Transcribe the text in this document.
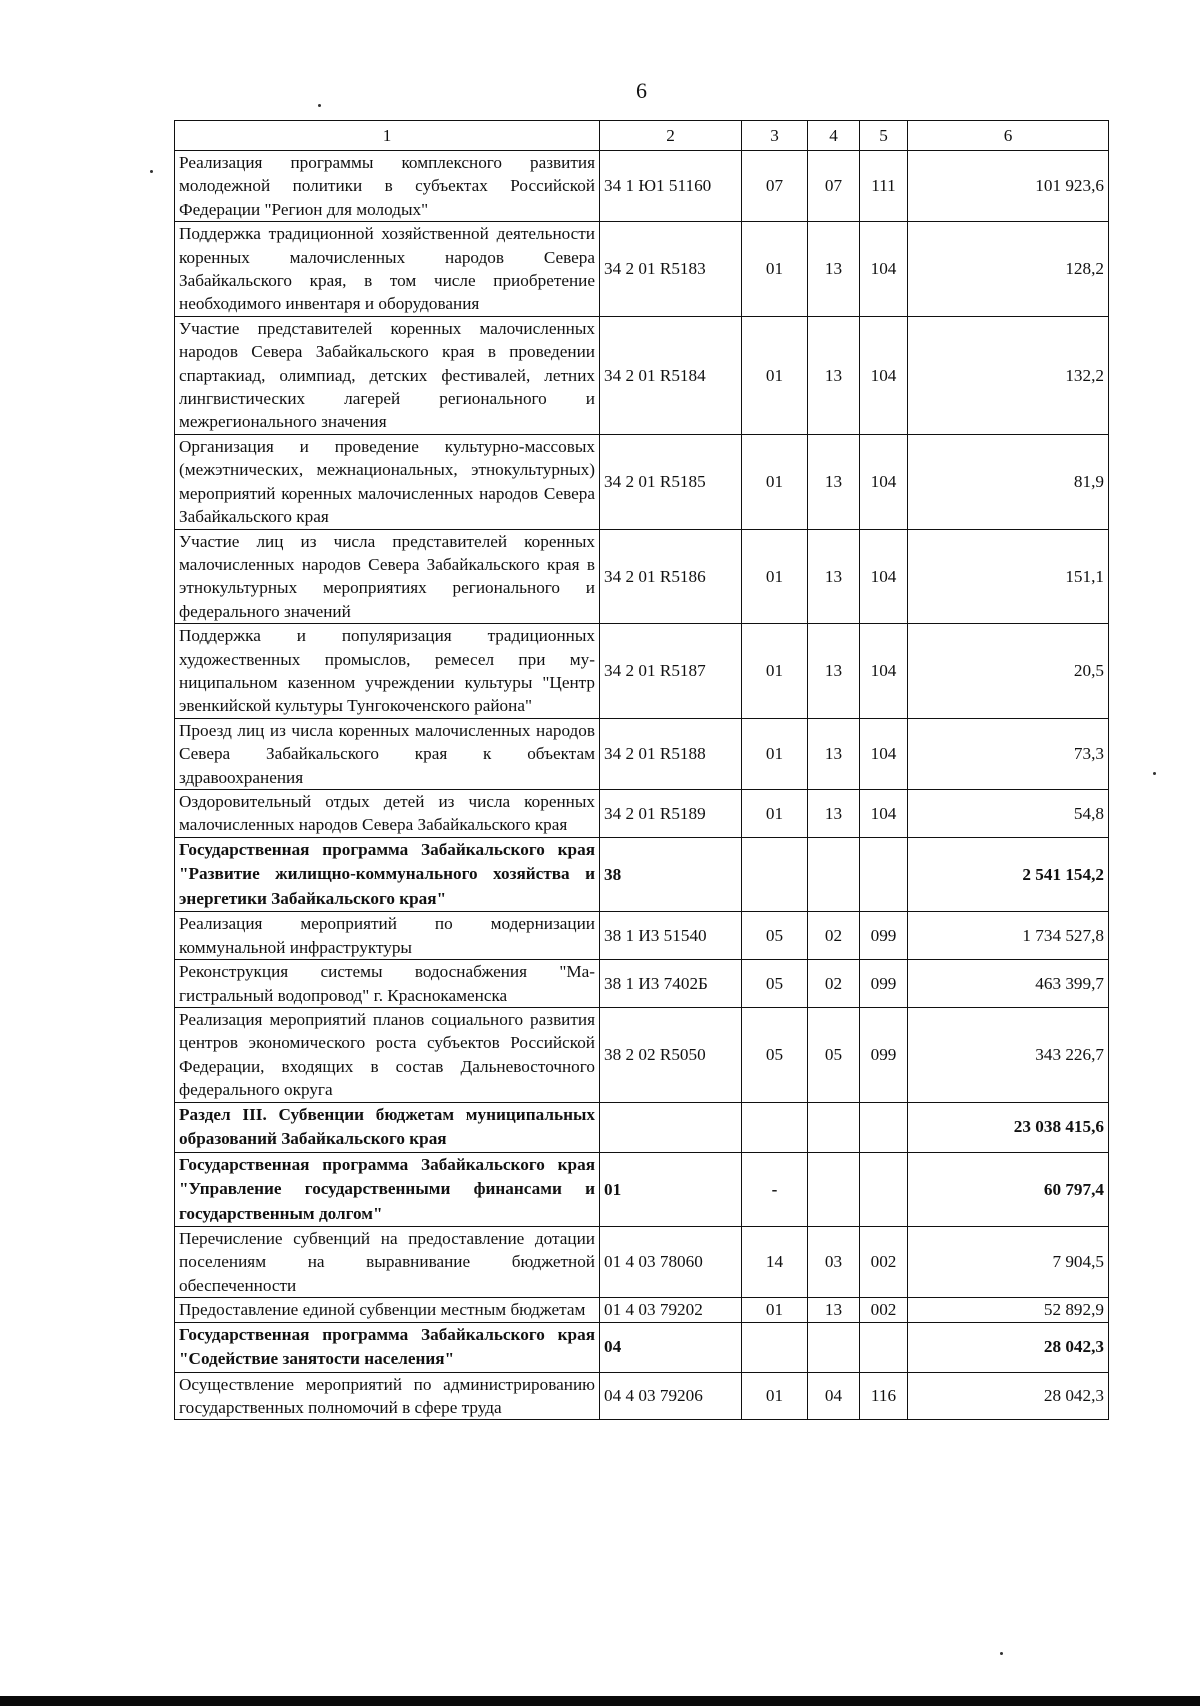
6
1	2	3	4	5	6
Реализация программы комплексного развития молодежной политики в субъектах Российской Федерации "Регион для молодых"	34 1 Ю1 51160	07	07	111	101 923,6
Поддержка традиционной хозяйственной деятельности коренных малочисленных народов Севера Забайкальского края, в том числе приобретение необходимого инвентаря и оборудования	34 2 01 R5183	01	13	104	128,2
Участие представителей коренных малочисленных народов Севера Забайкальского края в проведении спартакиад, олимпиад, детских фестивалей, летних лингвистических лагерей регионального и межрегионального значения	34 2 01 R5184	01	13	104	132,2
Организация и проведение культурно-массовых (межэтнических, межнациональных, этнокультурных) мероприятий коренных малочисленных народов Севера Забайкальского края	34 2 01 R5185	01	13	104	81,9
Участие лиц из числа представителей коренных малочисленных народов Севера Забайкальского края в этнокультурных мероприятиях регионального и федерального значений	34 2 01 R5186	01	13	104	151,1
Поддержка и популяризация традиционных художественных промыслов, ремесел при муниципальном казенном учреждении культуры "Центр эвенкийской культуры Тунгокоченского района"	34 2 01 R5187	01	13	104	20,5
Проезд лиц из числа коренных малочисленных народов Севера Забайкальского края к объектам здравоохранения	34 2 01 R5188	01	13	104	73,3
Оздоровительный отдых детей из числа коренных малочисленных народов Севера Забайкальского края	34 2 01 R5189	01	13	104	54,8
Государственная программа Забайкальского края "Развитие жилищно-коммунального хозяйства и энергетики Забайкальского края"	38				2 541 154,2
Реализация мероприятий по модернизации коммунальной инфраструктуры	38 1 И3 51540	05	02	099	1 734 527,8
Реконструкция системы водоснабжения "Магистральный водопровод" г. Краснокаменска	38 1 И3 7402Б	05	02	099	463 399,7
Реализация мероприятий планов социального развития центров экономического роста субъектов Российской Федерации, входящих в состав Дальневосточного федерального округа	38 2 02 R5050	05	05	099	343 226,7
Раздел III. Субвенции бюджетам муниципальных образований Забайкальского края					23 038 415,6
Государственная программа Забайкальского края "Управление государственными финансами и государственным долгом"	01	-			60 797,4
Перечисление субвенций на предоставление дотации поселениям на выравнивание бюджетной обеспеченности	01 4 03 78060	14	03	002	7 904,5
Предоставление единой субвенции местным бюджетам	01 4 03 79202	01	13	002	52 892,9
Государственная программа Забайкальского края "Содействие занятости населения"	04				28 042,3
Осуществление мероприятий по администрированию государственных полномочий в сфере труда	04 4 03 79206	01	04	116	28 042,3
